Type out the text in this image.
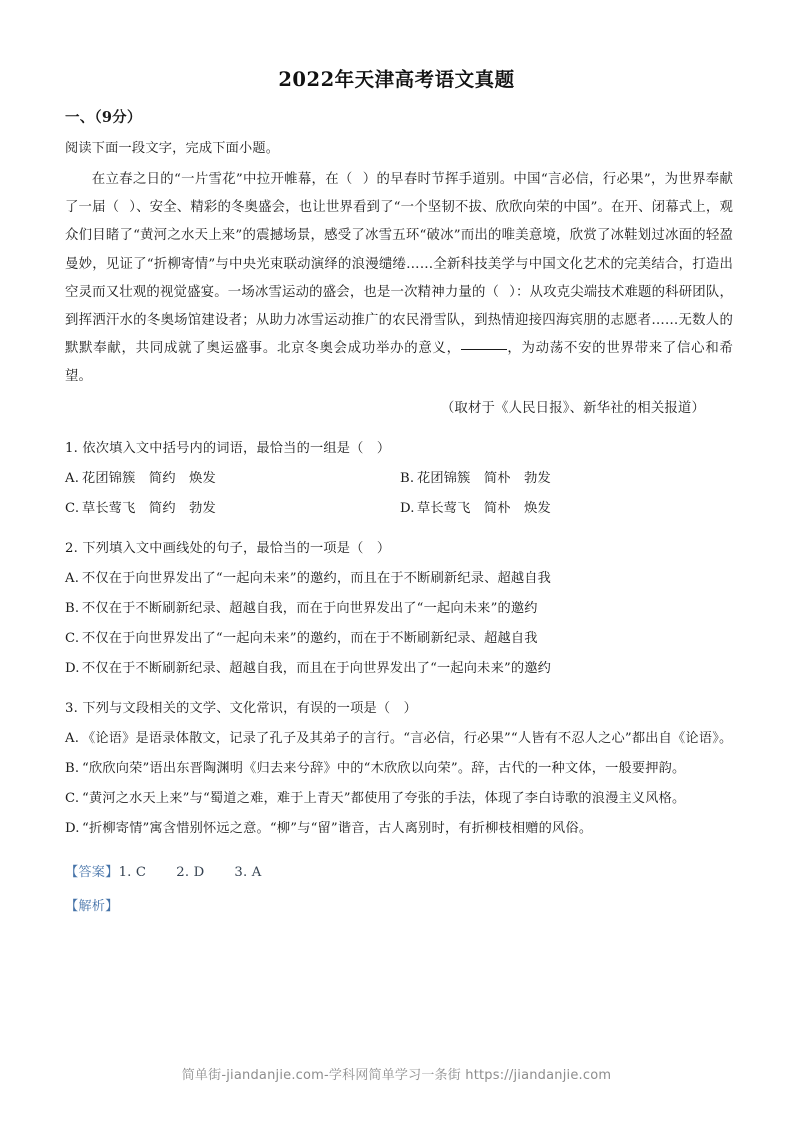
2022年天津高考语文真题
一、（9分）
阅读下面一段文字，完成下面小题。

在立春之日的“一片雪花”中拉开帷幕，在（ ）的早春时节挥手道别。中国“言必信，行必果”，为世界奉献了一届（ ）、安全、精彩的冬奥盛会，也让世界看到了“一个坚韧不拔、欣欣向荣的中国”。在开、闭幕式上，观众们目睹了“黄河之水天上来”的震撼场景，感受了冰雪五环“破冰”而出的唯美意境，欣赏了冰鞋划过冰面的轻盈曼妙，见证了“折柳寄情”与中央光束联动演绎的浪漫缱绻……全新科技美学与中国文化艺术的完美结合，打造出空灵而又壮观的视觉盛宴。一场冰雪运动的盛会，也是一次精神力量的（ ）：从攻克尖端技术难题的科研团队，到挥洒汗水的冬奥场馆建设者；从助力冰雪运动推广的农民滑雪队，到热情迎接四海宾朋的志愿者……无数人的默默奉献，共同成就了奥运盛事。北京冬奥会成功举办的意义，	，为动荡不安的世界带来了信心和希望。

（取材于《人民日报》、新华社的相关报道）
1. 依次填入文中括号内的词语，最恰当的一组是（　）
A. 花团锦簇　简约　焕发	B. 花团锦簇　简朴　勃发
C. 草长莺飞　简约　勃发	D. 草长莺飞　简朴　焕发
2. 下列填入文中画线处的句子，最恰当的一项是（　）
A. 不仅在于向世界发出了“一起向未来”的邀约，而且在于不断刷新纪录、超越自我
B. 不仅在于不断刷新纪录、超越自我，而在于向世界发出了“一起向未来”的邀约
C. 不仅在于向世界发出了“一起向未来”的邀约，而在于不断刷新纪录、超越自我
D. 不仅在于不断刷新纪录、超越自我，而且在于向世界发出了“一起向未来”的邀约
3. 下列与文段相关的文学、文化常识，有误的一项是（　）
A. 《论语》是语录体散文，记录了孔子及其弟子的言行。“言必信，行必果”“人皆有不忍人之心”都出自《论语》。
B. “欣欣向荣”语出东晋陶渊明《归去来兮辞》中的“木欣欣以向荣”。辞，古代的一种文体，一般要押韵。
C. “黄河之水天上来”与“蜀道之难，难于上青天”都使用了夸张的手法，体现了李白诗歌的浪漫主义风格。
D. “折柳寄情”寓含惜别怀远之意。“柳”与“留”谐音，古人离别时，有折柳枝相赠的风俗。
【答案】1. C 2. D 3. A
【解析】
简单街-jiandanjie.com-学科网简单学习一条街 https://jiandanjie.com
